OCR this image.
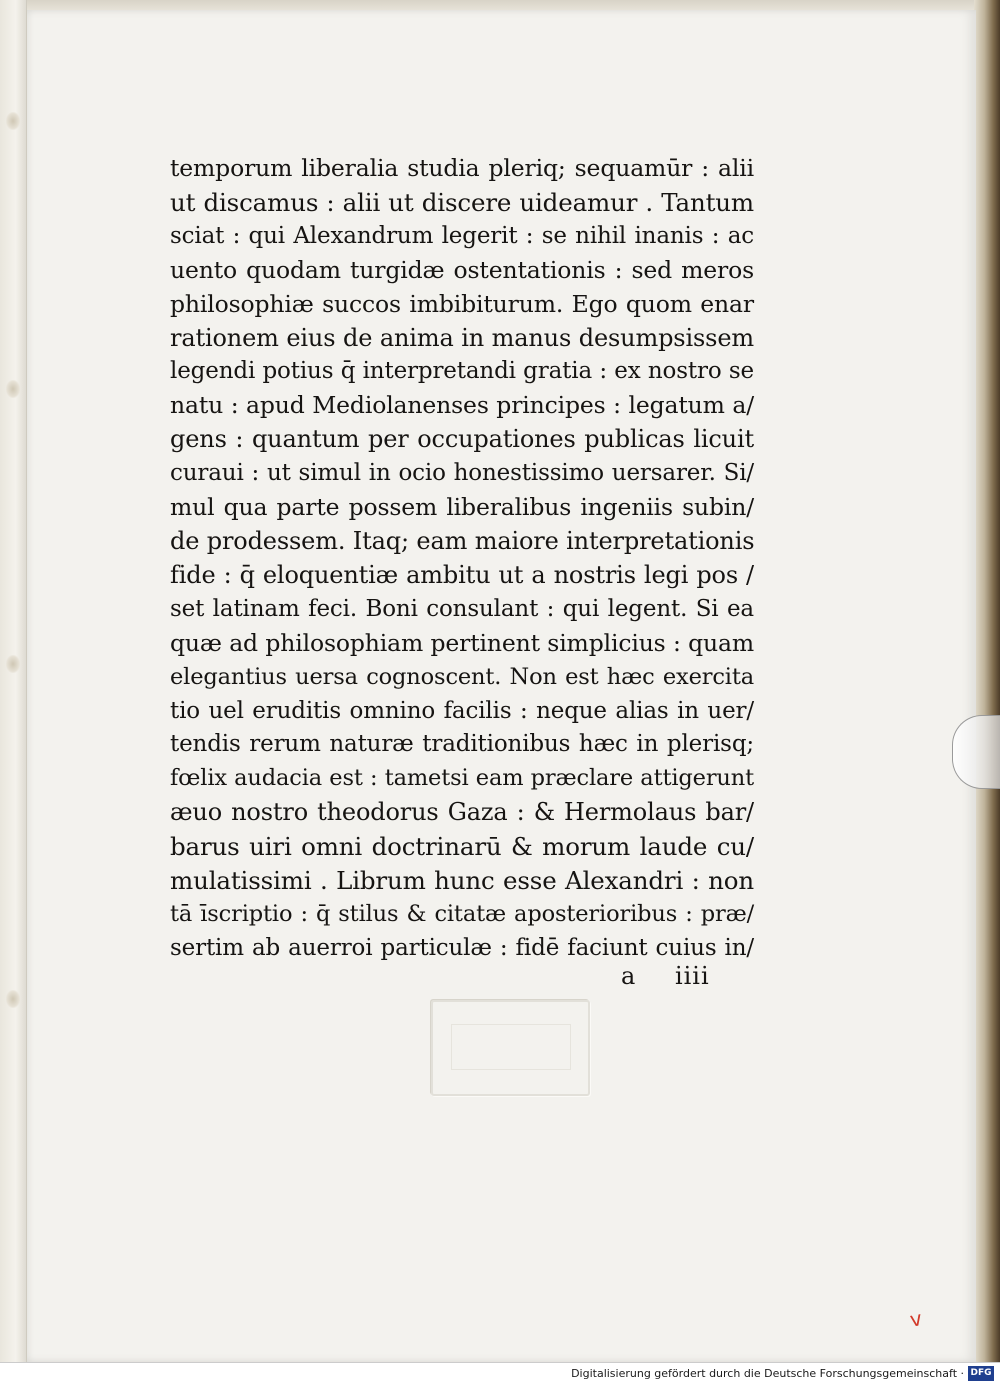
temporum liberalia studia pleriq; sequamūr : alii
ut discamus : alii ut discere uideamur . Tantum
sciat : qui Alexandrum legerit : se nihil inanis : ac
uento quodam turgidæ ostentationis : sed meros
philosophiæ succos imbibiturum. Ego quom enar
rationem eius de anima in manus desumpsissem
legendi potius q̄ interpretandi gratia : ex nostro se
natu : apud Mediolanenses principes : legatum a/
gens : quantum per occupationes publicas licuit
curaui : ut simul in ocio honestissimo uersarer. Si/
mul qua parte possem liberalibus ingeniis subin/
de prodessem. Itaq; eam maiore interpretationis
fide : q̄ eloquentiæ ambitu ut a nostris legi pos /
set latinam feci. Boni consulant : qui legent. Si ea
quæ ad philosophiam pertinent simplicius : quam
elegantius uersa cognoscent. Non est hæc exercita
tio uel eruditis omnino facilis : neque alias in uer/
tendis rerum naturæ traditionibus hæc in plerisq;
fœlix audacia est : tametsi eam præclare attigerunt
æuo nostro theodorus Gaza : & Hermolaus bar/
barus uiri omni doctrinarū & morum laude cu/
mulatissimi . Librum hunc esse Alexandri : non
tā īscriptio : q̄ stilus & citatæ aposterioribus : præ/
sertim ab auerroi particulæ : fidē faciunt cuius in/
a iiii
v
Digitalisierung gefördert durch die Deutsche Forschungsgemeinschaft · DFG
